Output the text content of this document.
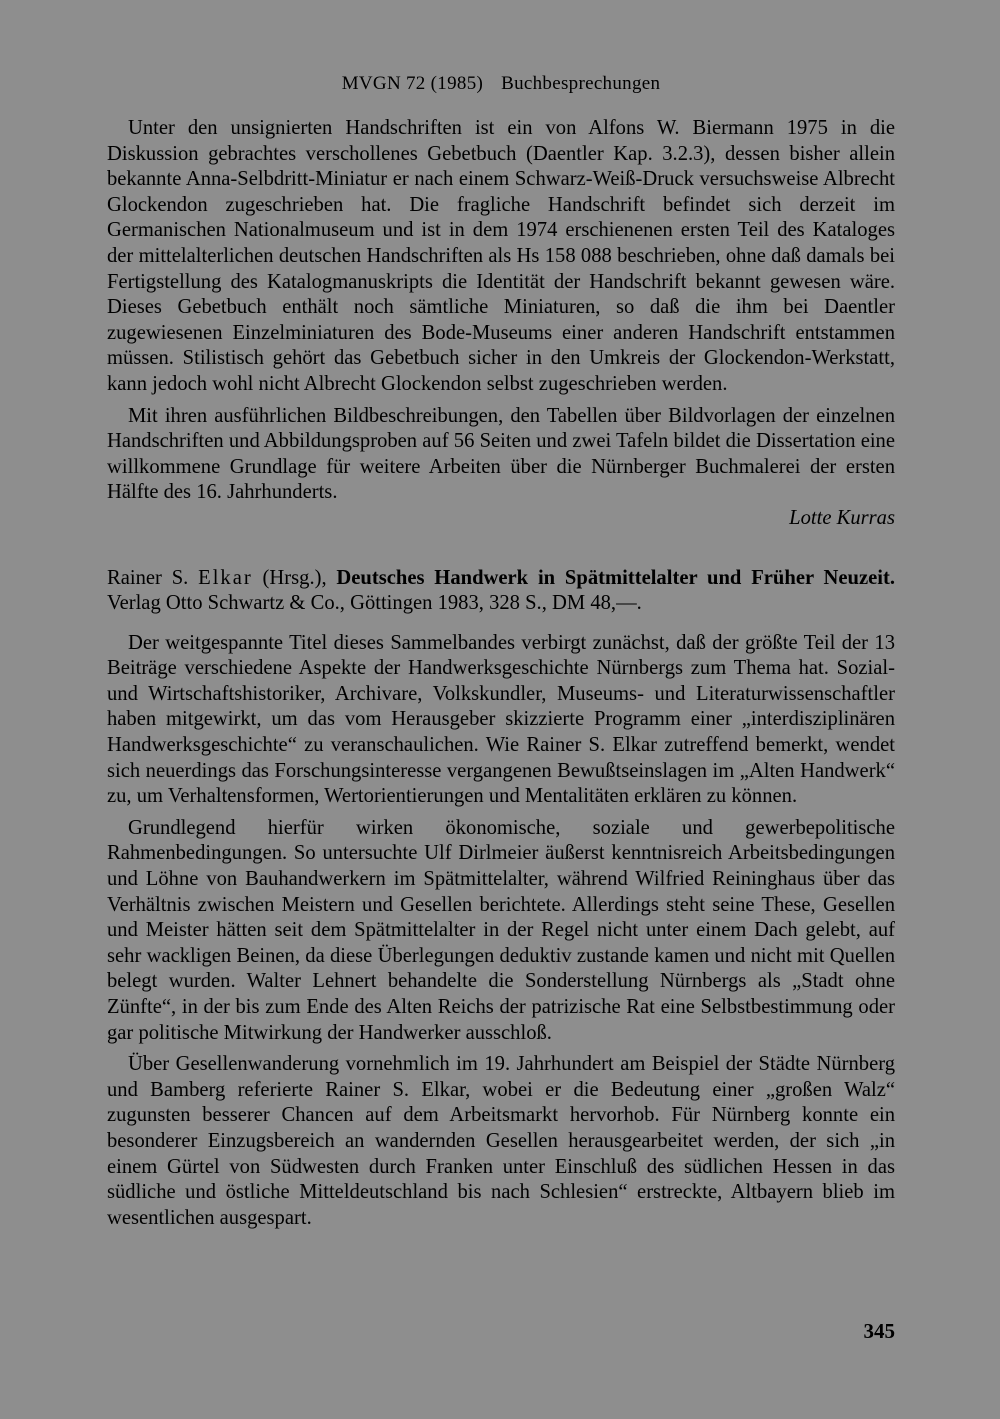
MVGN 72 (1985) Buchbesprechungen

Unter den unsignierten Handschriften ist ein von Alfons W. Biermann 1975 in die Diskussion gebrachtes verschollenes Gebetbuch (Daentler Kap. 3.2.3), dessen bisher allein bekannte Anna-Selbdritt-Miniatur er nach einem Schwarz-Weiß-Druck versuchsweise Albrecht Glockendon zugeschrieben hat. Die fragliche Handschrift befindet sich derzeit im Germanischen Nationalmuseum und ist in dem 1974 erschienenen ersten Teil des Kataloges der mittelalterlichen deutschen Handschriften als Hs 158 088 beschrieben, ohne daß damals bei Fertigstellung des Katalogmanuskripts die Identität der Handschrift bekannt gewesen wäre. Dieses Gebetbuch enthält noch sämtliche Miniaturen, so daß die ihm bei Daentler zugewiesenen Einzelminiaturen des Bode-Museums einer anderen Handschrift entstammen müssen. Stilistisch gehört das Gebetbuch sicher in den Umkreis der Glockendon-Werkstatt, kann jedoch wohl nicht Albrecht Glockendon selbst zugeschrieben werden.

Mit ihren ausführlichen Bildbeschreibungen, den Tabellen über Bildvorlagen der einzelnen Handschriften und Abbildungsproben auf 56 Seiten und zwei Tafeln bildet die Dissertation eine willkommene Grundlage für weitere Arbeiten über die Nürnberger Buchmalerei der ersten Hälfte des 16. Jahrhunderts.

Lotte Kurras

Rainer S. Elkar (Hrsg.), Deutsches Handwerk in Spätmittelalter und Früher Neuzeit. Verlag Otto Schwartz & Co., Göttingen 1983, 328 S., DM 48,—.

Der weitgespannte Titel dieses Sammelbandes verbirgt zunächst, daß der größte Teil der 13 Beiträge verschiedene Aspekte der Handwerksgeschichte Nürnbergs zum Thema hat. Sozial- und Wirtschaftshistoriker, Archivare, Volkskundler, Museums- und Literaturwissenschaftler haben mitgewirkt, um das vom Herausgeber skizzierte Programm einer „interdisziplinären Handwerksgeschichte“ zu veranschaulichen. Wie Rainer S. Elkar zutreffend bemerkt, wendet sich neuerdings das Forschungsinteresse vergangenen Bewußtseinslagen im „Alten Handwerk“ zu, um Verhaltensformen, Wertorientierungen und Mentalitäten erklären zu können.

Grundlegend hierfür wirken ökonomische, soziale und gewerbepolitische Rahmenbedingungen. So untersuchte Ulf Dirlmeier äußerst kenntnisreich Arbeitsbedingungen und Löhne von Bauhandwerkern im Spätmittelalter, während Wilfried Reininghaus über das Verhältnis zwischen Meistern und Gesellen berichtete. Allerdings steht seine These, Gesellen und Meister hätten seit dem Spätmittelalter in der Regel nicht unter einem Dach gelebt, auf sehr wackligen Beinen, da diese Überlegungen deduktiv zustande kamen und nicht mit Quellen belegt wurden. Walter Lehnert behandelte die Sonderstellung Nürnbergs als „Stadt ohne Zünfte“, in der bis zum Ende des Alten Reichs der patrizische Rat eine Selbstbestimmung oder gar politische Mitwirkung der Handwerker ausschloß.

Über Gesellenwanderung vornehmlich im 19. Jahrhundert am Beispiel der Städte Nürnberg und Bamberg referierte Rainer S. Elkar, wobei er die Bedeutung einer „großen Walz“ zugunsten besserer Chancen auf dem Arbeitsmarkt hervorhob. Für Nürnberg konnte ein besonderer Einzugsbereich an wandernden Gesellen herausgearbeitet werden, der sich „in einem Gürtel von Südwesten durch Franken unter Einschluß des südlichen Hessen in das südliche und östliche Mitteldeutschland bis nach Schlesien“ erstreckte, Altbayern blieb im wesentlichen ausgespart.

345
